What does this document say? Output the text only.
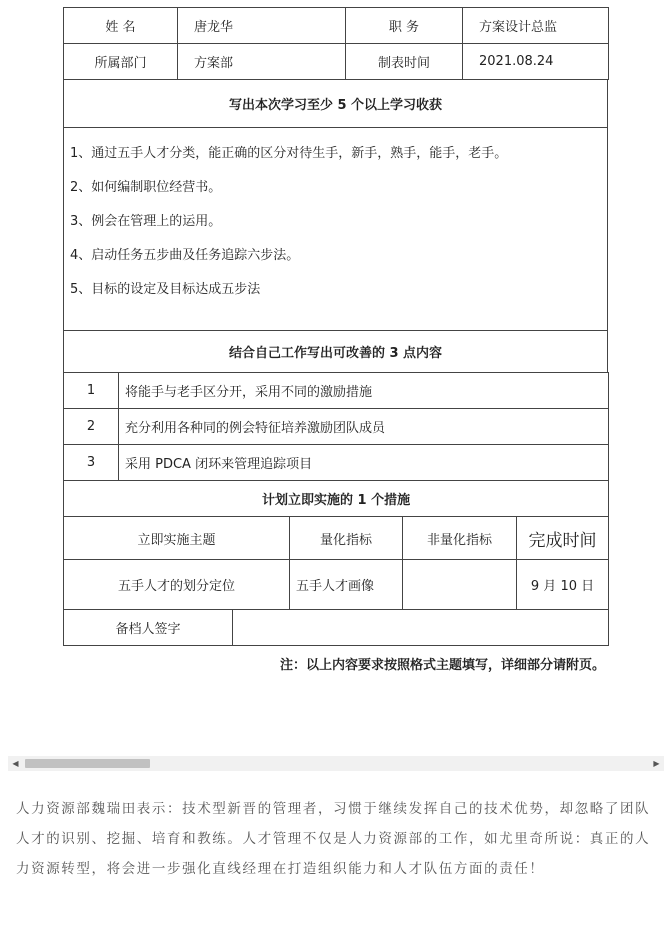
姓 名	唐龙华	职 务	方案设计总监
所属部门	方案部	制表时间	2021.08.24
写出本次学习至少 5 个以上学习收获

1、通过五手人才分类，能正确的区分对待生手，新手，熟手，能手，老手。
2、如何编制职位经营书。
3、例会在管理上的运用。
4、启动任务五步曲及任务追踪六步法。
5、目标的设定及目标达成五步法

结合自己工作写出可改善的 3 点内容
1	将能手与老手区分开，采用不同的激励措施
2	充分利用各种同的例会特征培养激励团队成员
3	采用 PDCA 闭环来管理追踪项目
计划立即实施的 1 个措施			
立即实施主题	量化指标	非量化指标	完成时间
五手人才的划分定位	五手人才画像		9 月 10 日
备档人签字	
注：以上内容要求按照格式主题填写，详细部分请附页。
◀	▶
人力资源部魏瑞田表示：技术型新晋的管理者，习惯于继续发挥自己的技术优势，却忽略了团队人才的识别、挖掘、培育和教练。人才管理不仅是人力资源部的工作，如尤里奇所说：真正的人力资源转型，将会进一步强化直线经理在打造组织能力和人才队伍方面的责任！
